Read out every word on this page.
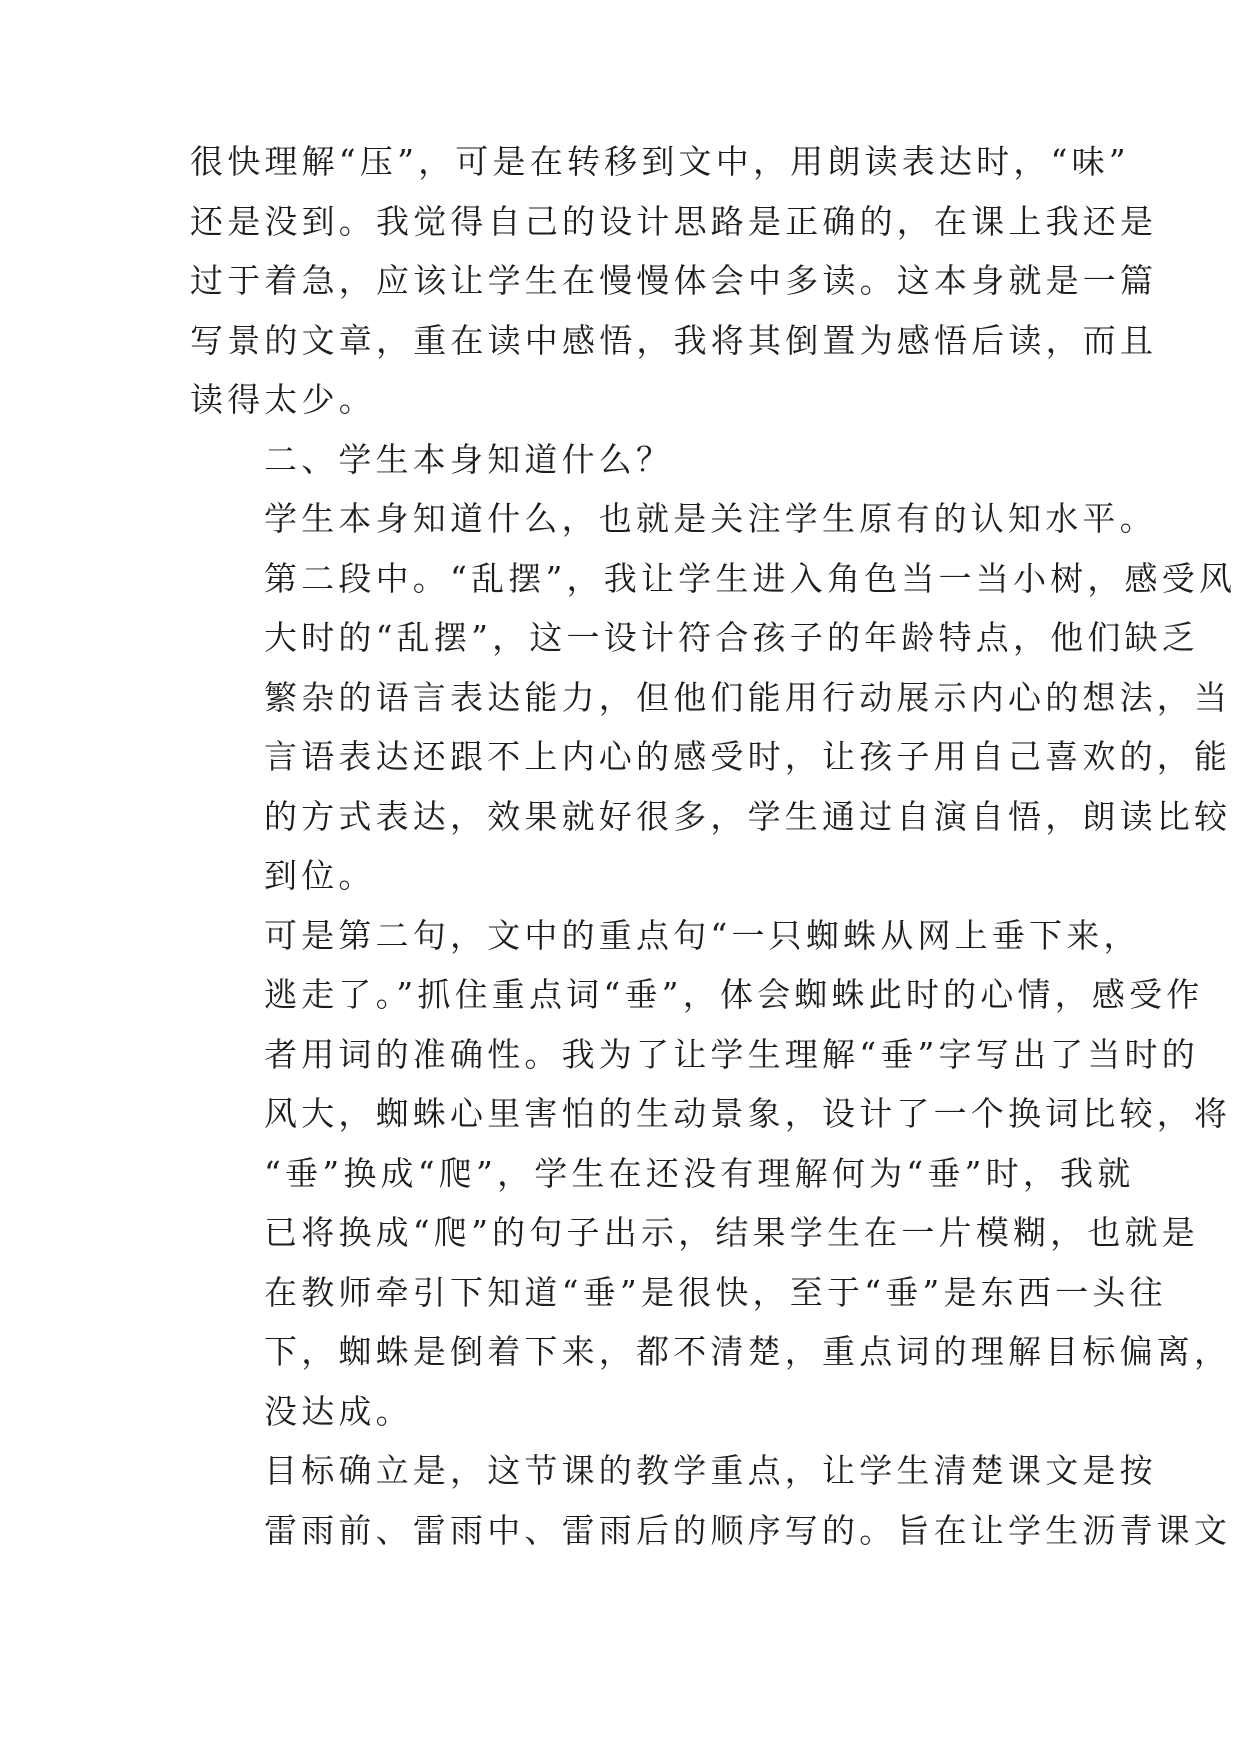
很快理解“压”，可是在转移到文中，用朗读表达时，“味”
还是没到。我觉得自己的设计思路是正确的，在课上我还是
过于着急，应该让学生在慢慢体会中多读。这本身就是一篇
写景的文章，重在读中感悟，我将其倒置为感悟后读，而且
读得太少。
二、学生本身知道什么？
学生本身知道什么，也就是关注学生原有的认知水平。
第二段中。“乱摆”，我让学生进入角色当一当小树，感受风
大时的“乱摆”，这一设计符合孩子的年龄特点，他们缺乏
繁杂的语言表达能力，但他们能用行动展示内心的想法，当
言语表达还跟不上内心的感受时，让孩子用自己喜欢的，能
的方式表达，效果就好很多，学生通过自演自悟，朗读比较
到位。
可是第二句，文中的重点句“一只蜘蛛从网上垂下来，
逃走了。”抓住重点词“垂”，体会蜘蛛此时的心情，感受作
者用词的准确性。我为了让学生理解“垂”字写出了当时的
风大，蜘蛛心里害怕的生动景象，设计了一个换词比较，将
“垂”换成“爬”，学生在还没有理解何为“垂”时，我就
已将换成“爬”的句子出示，结果学生在一片模糊，也就是
在教师牵引下知道“垂”是很快，至于“垂”是东西一头往
下，蜘蛛是倒着下来，都不清楚，重点词的理解目标偏离，
没达成。
目标确立是，这节课的教学重点，让学生清楚课文是按
雷雨前、雷雨中、雷雨后的顺序写的。旨在让学生沥青课文
